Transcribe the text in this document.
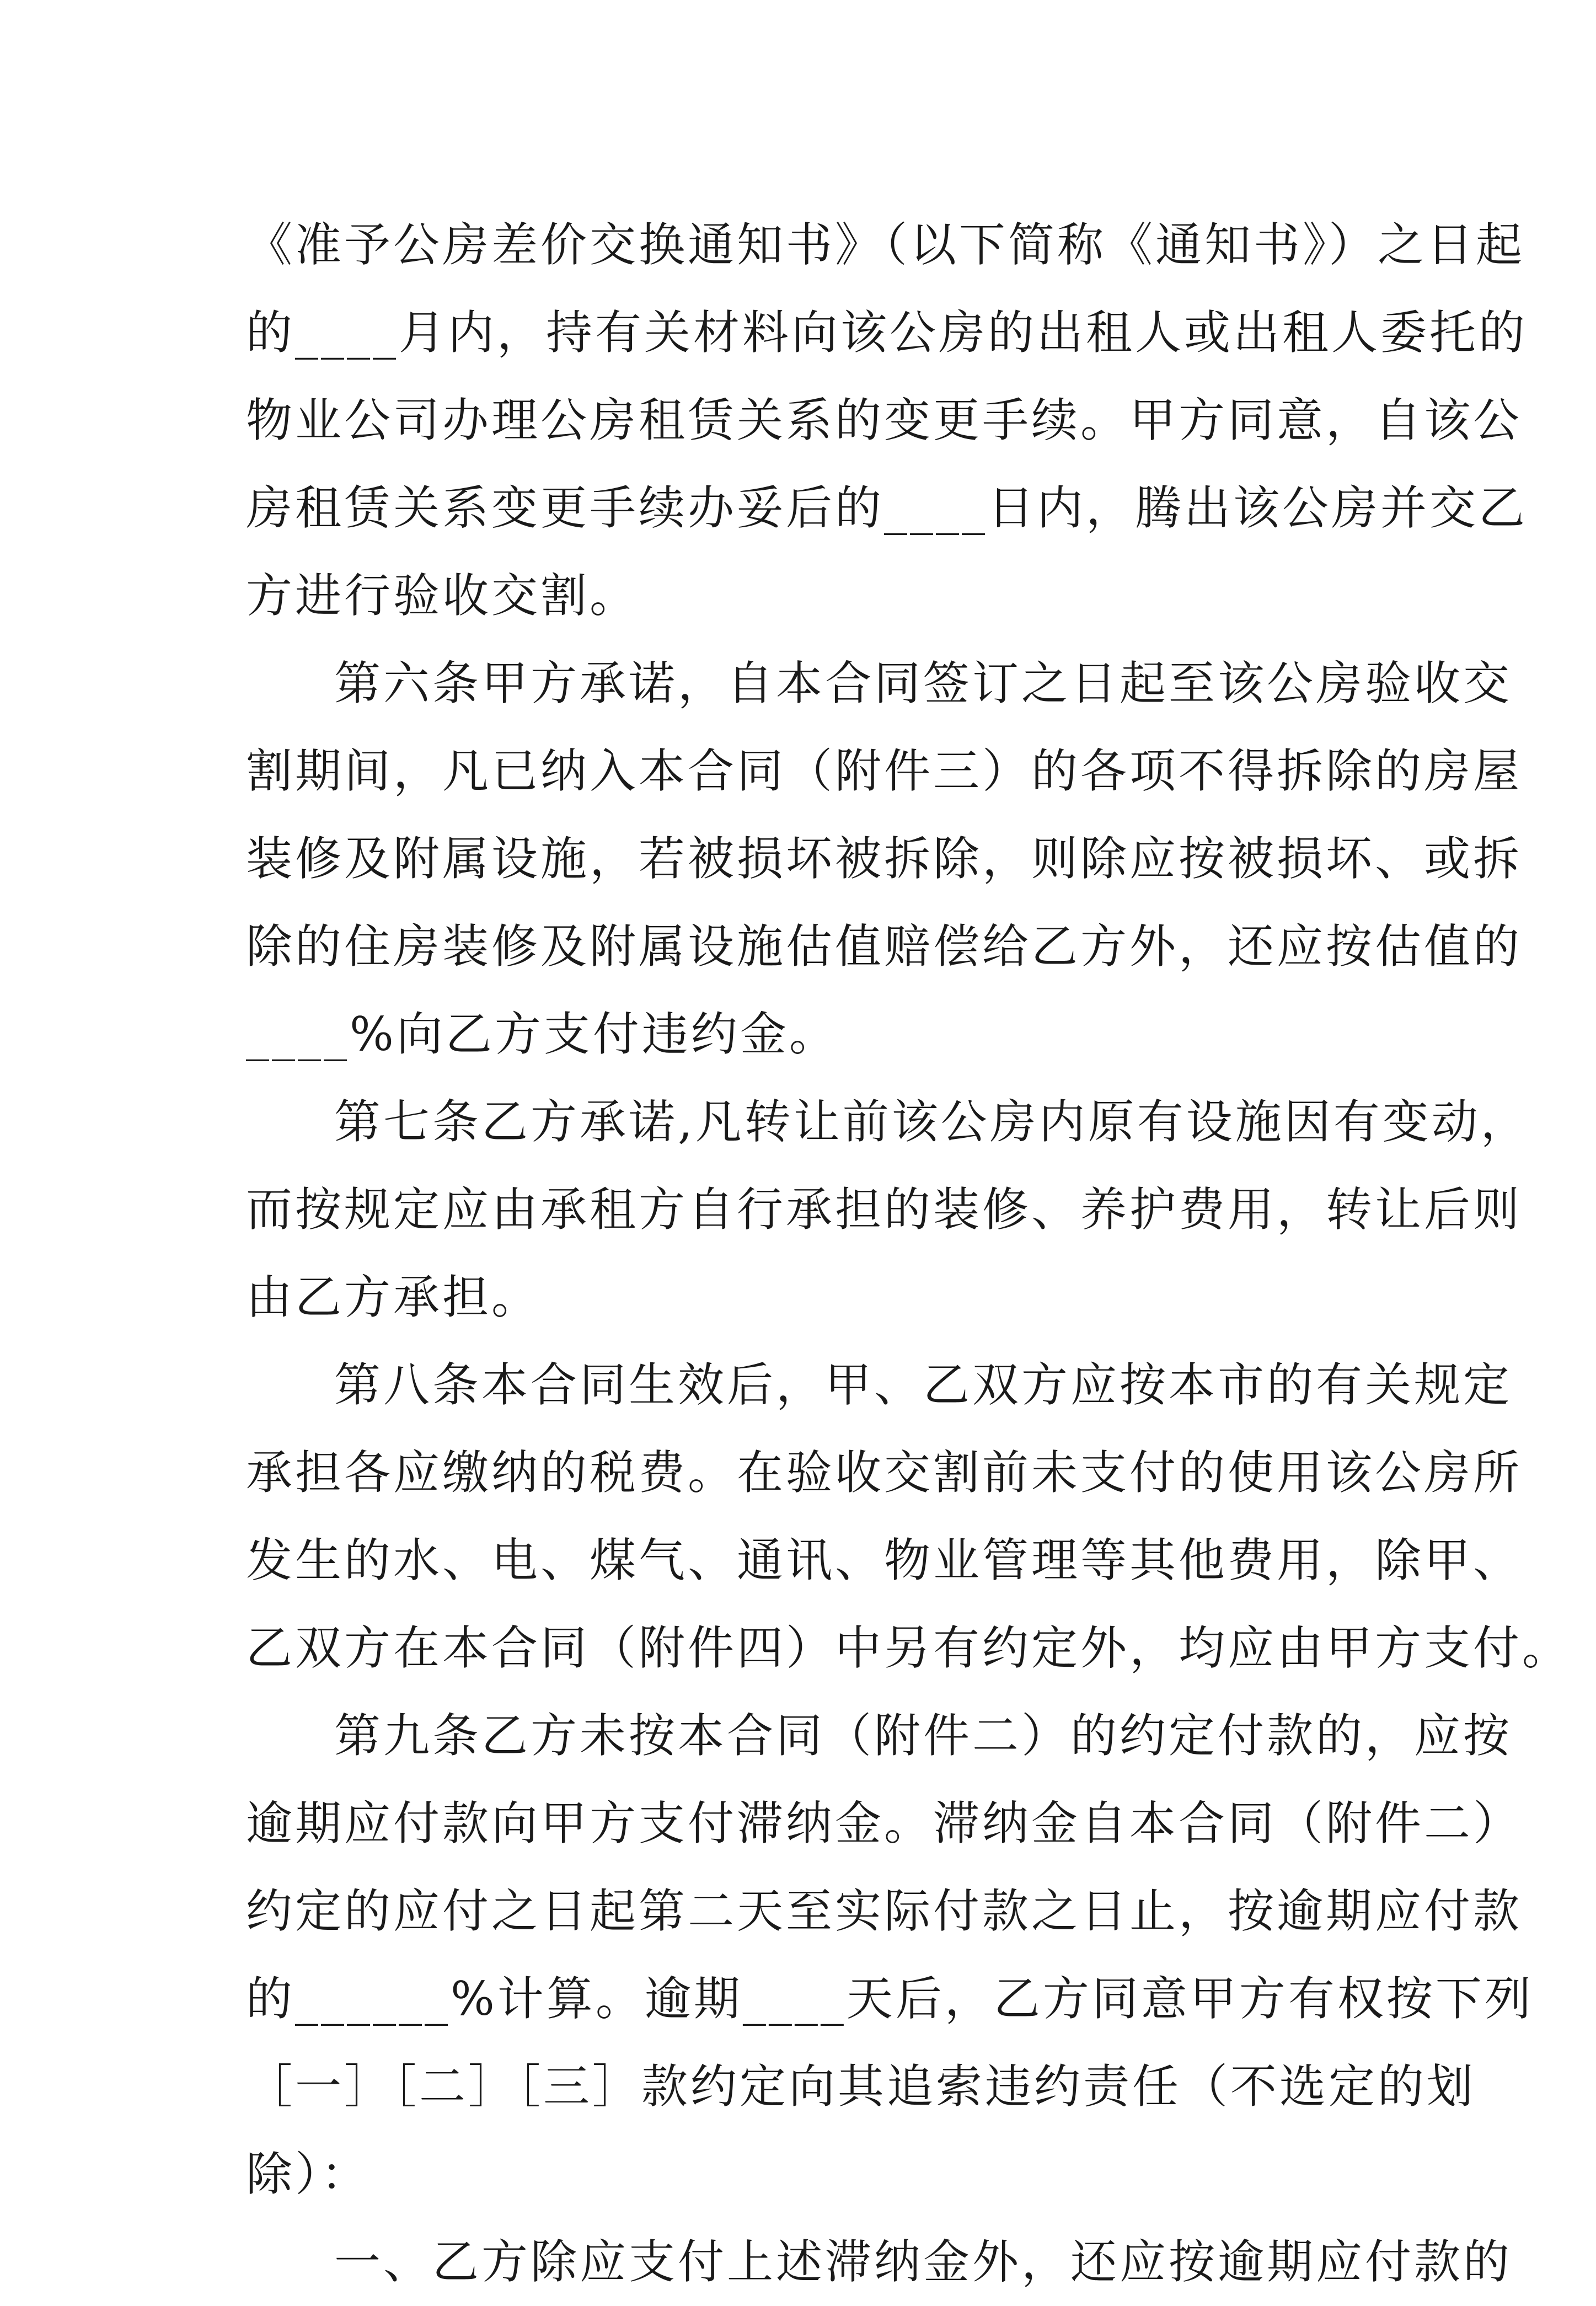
《准予公房差价交换通知书》（以下简称《通知书》）之日起
的____月内，持有关材料向该公房的出租人或出租人委托的
物业公司办理公房租赁关系的变更手续。甲方同意，自该公
房租赁关系变更手续办妥后的____日内，腾出该公房并交乙
方进行验收交割。
第六条甲方承诺，自本合同签订之日起至该公房验收交
割期间，凡已纳入本合同（附件三）的各项不得拆除的房屋
装修及附属设施，若被损坏被拆除，则除应按被损坏、或拆
除的住房装修及附属设施估值赔偿给乙方外，还应按估值的
____%向乙方支付违约金。
第七条乙方承诺,凡转让前该公房内原有设施因有变动，
而按规定应由承租方自行承担的装修、养护费用，转让后则
由乙方承担。
第八条本合同生效后，甲、乙双方应按本市的有关规定
承担各应缴纳的税费。在验收交割前未支付的使用该公房所
发生的水、电、煤气、通讯、物业管理等其他费用，除甲、
乙双方在本合同（附件四）中另有约定外，均应由甲方支付。
第九条乙方未按本合同（附件二）的约定付款的，应按
逾期应付款向甲方支付滞纳金。滞纳金自本合同（附件二）
约定的应付之日起第二天至实际付款之日止，按逾期应付款
的______%计算。逾期____天后，乙方同意甲方有权按下列
［一］［二］［三］款约定向其追索违约责任（不选定的划
除）：
一、乙方除应支付上述滞纳金外，还应按逾期应付款的
